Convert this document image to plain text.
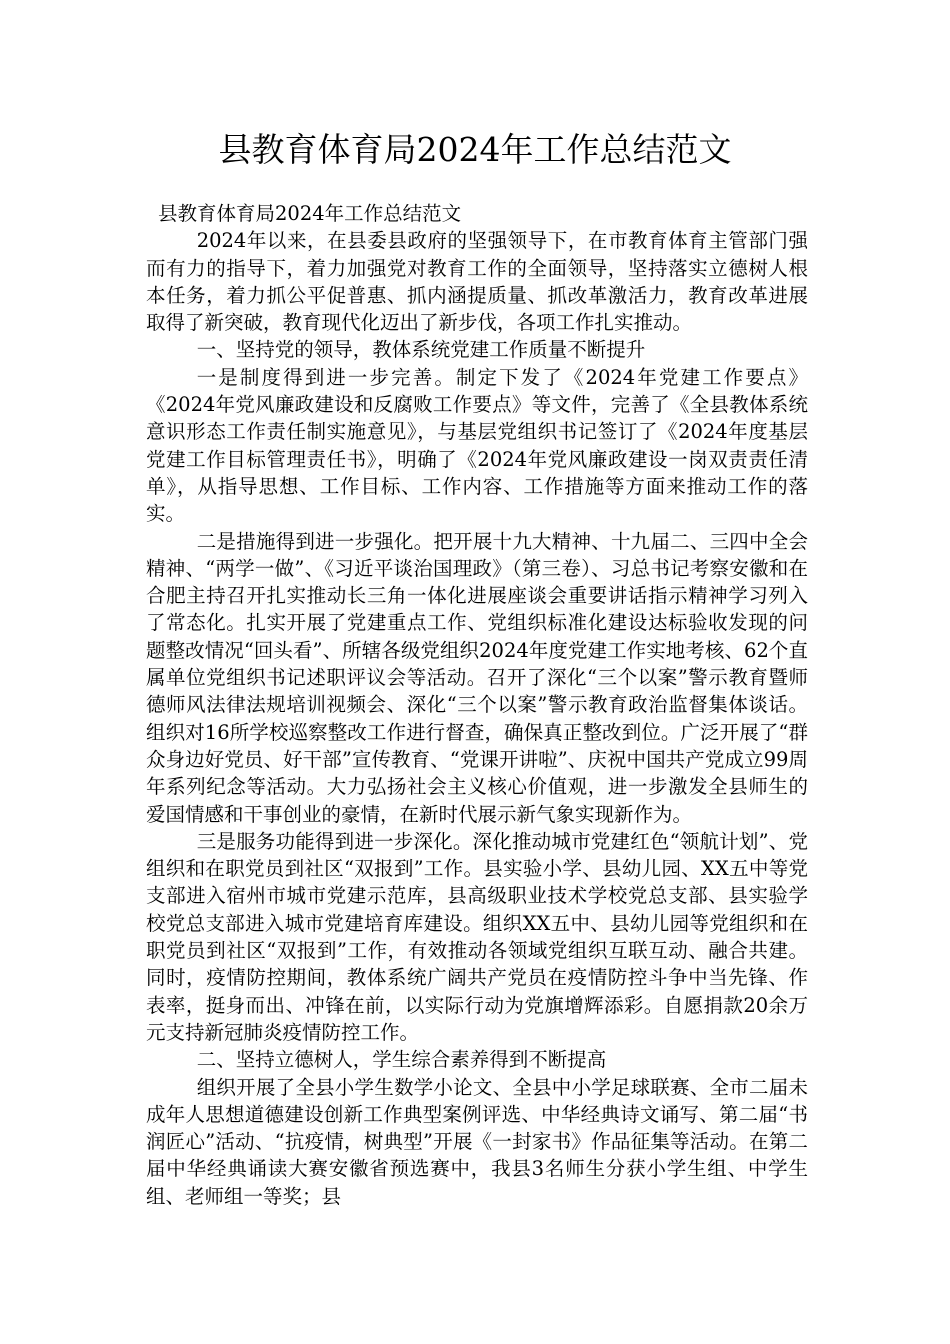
县教育体育局2024年工作总结范文

县教育体育局2024年工作总结范文

2024年以来，在县委县政府的坚强领导下，在市教育体育主管部门强而有力的指导下，着力加强党对教育工作的全面领导，坚持落实立德树人根本任务，着力抓公平促普惠、抓内涵提质量、抓改革激活力，教育改革进展取得了新突破，教育现代化迈出了新步伐，各项工作扎实推动。

一、坚持党的领导，教体系统党建工作质量不断提升

一是制度得到进一步完善。制定下发了《2024年党建工作要点》《2024年党风廉政建设和反腐败工作要点》等文件，完善了《全县教体系统意识形态工作责任制实施意见》，与基层党组织书记签订了《2024年度基层党建工作目标管理责任书》，明确了《2024年党风廉政建设一岗双责责任清单》，从指导思想、工作目标、工作内容、工作措施等方面来推动工作的落实。

二是措施得到进一步强化。把开展十九大精神、十九届二、三四中全会精神、“两学一做”、《习近平谈治国理政》（第三卷）、习总书记考察安徽和在合肥主持召开扎实推动长三角一体化进展座谈会重要讲话指示精神学习列入了常态化。扎实开展了党建重点工作、党组织标准化建设达标验收发现的问题整改情况“回头看”、所辖各级党组织2024年度党建工作实地考核、62个直属单位党组织书记述职评议会等活动。召开了深化“三个以案”警示教育暨师德师风法律法规培训视频会、深化“三个以案”警示教育政治监督集体谈话。组织对16所学校巡察整改工作进行督查，确保真正整改到位。广泛开展了“群众身边好党员、好干部”宣传教育、“党课开讲啦”、庆祝中国共产党成立99周年系列纪念等活动。大力弘扬社会主义核心价值观，进一步激发全县师生的爱国情感和干事创业的豪情，在新时代展示新气象实现新作为。

三是服务功能得到进一步深化。深化推动城市党建红色“领航计划”、党组织和在职党员到社区“双报到”工作。县实验小学、县幼儿园、XX五中等党支部进入宿州市城市党建示范库，县高级职业技术学校党总支部、县实验学校党总支部进入城市党建培育库建设。组织XX五中、县幼儿园等党组织和在职党员到社区“双报到”工作，有效推动各领域党组织互联互动、融合共建。同时，疫情防控期间，教体系统广阔共产党员在疫情防控斗争中当先锋、作表率，挺身而出、冲锋在前，以实际行动为党旗增辉添彩。自愿捐款20余万元支持新冠肺炎疫情防控工作。

二、坚持立德树人，学生综合素养得到不断提高

组织开展了全县小学生数学小论文、全县中小学足球联赛、全市二届未成年人思想道德建设创新工作典型案例评选、中华经典诗文诵写、第二届“书润匠心”活动、“抗疫情，树典型”开展《一封家书》作品征集等活动。在第二届中华经典诵读大赛安徽省预选赛中，我县3名师生分获小学生组、中学生组、老师组一等奖；县
